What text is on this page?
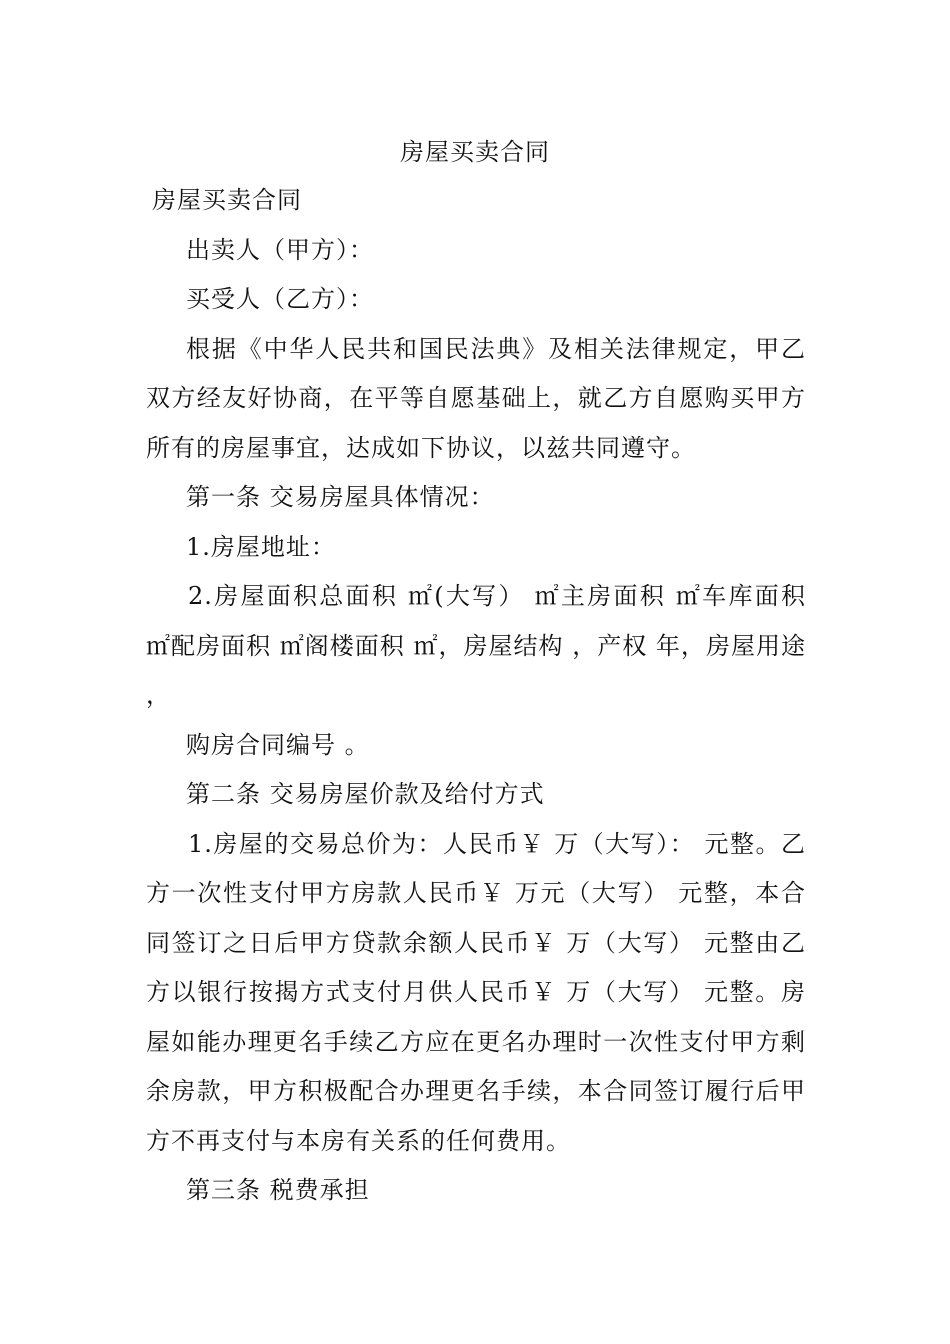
房屋买卖合同

房屋买卖合同

出卖人（甲方）：

买受人（乙方）：

根据《中华人民共和国民法典》及相关法律规定，甲乙双方经友好协商，在平等自愿基础上，就乙方自愿购买甲方所有的房屋事宜，达成如下协议，以兹共同遵守。

第一条 交易房屋具体情况：

1.房屋地址：

2.房屋面积总面积 ㎡(大写） ㎡主房面积 ㎡车库面积 ㎡配房面积 ㎡阁楼面积 ㎡，房屋结构 ，产权 年，房屋用途 ，

购房合同编号 。

第二条 交易房屋价款及给付方式

1.房屋的交易总价为：人民币￥ 万（大写）： 元整。乙方一次性支付甲方房款人民币￥ 万元（大写） 元整，本合同签订之日后甲方贷款余额人民币￥ 万（大写） 元整由乙方以银行按揭方式支付月供人民币￥ 万（大写） 元整。房屋如能办理更名手续乙方应在更名办理时一次性支付甲方剩余房款，甲方积极配合办理更名手续，本合同签订履行后甲方不再支付与本房有关系的任何费用。

第三条 税费承担
